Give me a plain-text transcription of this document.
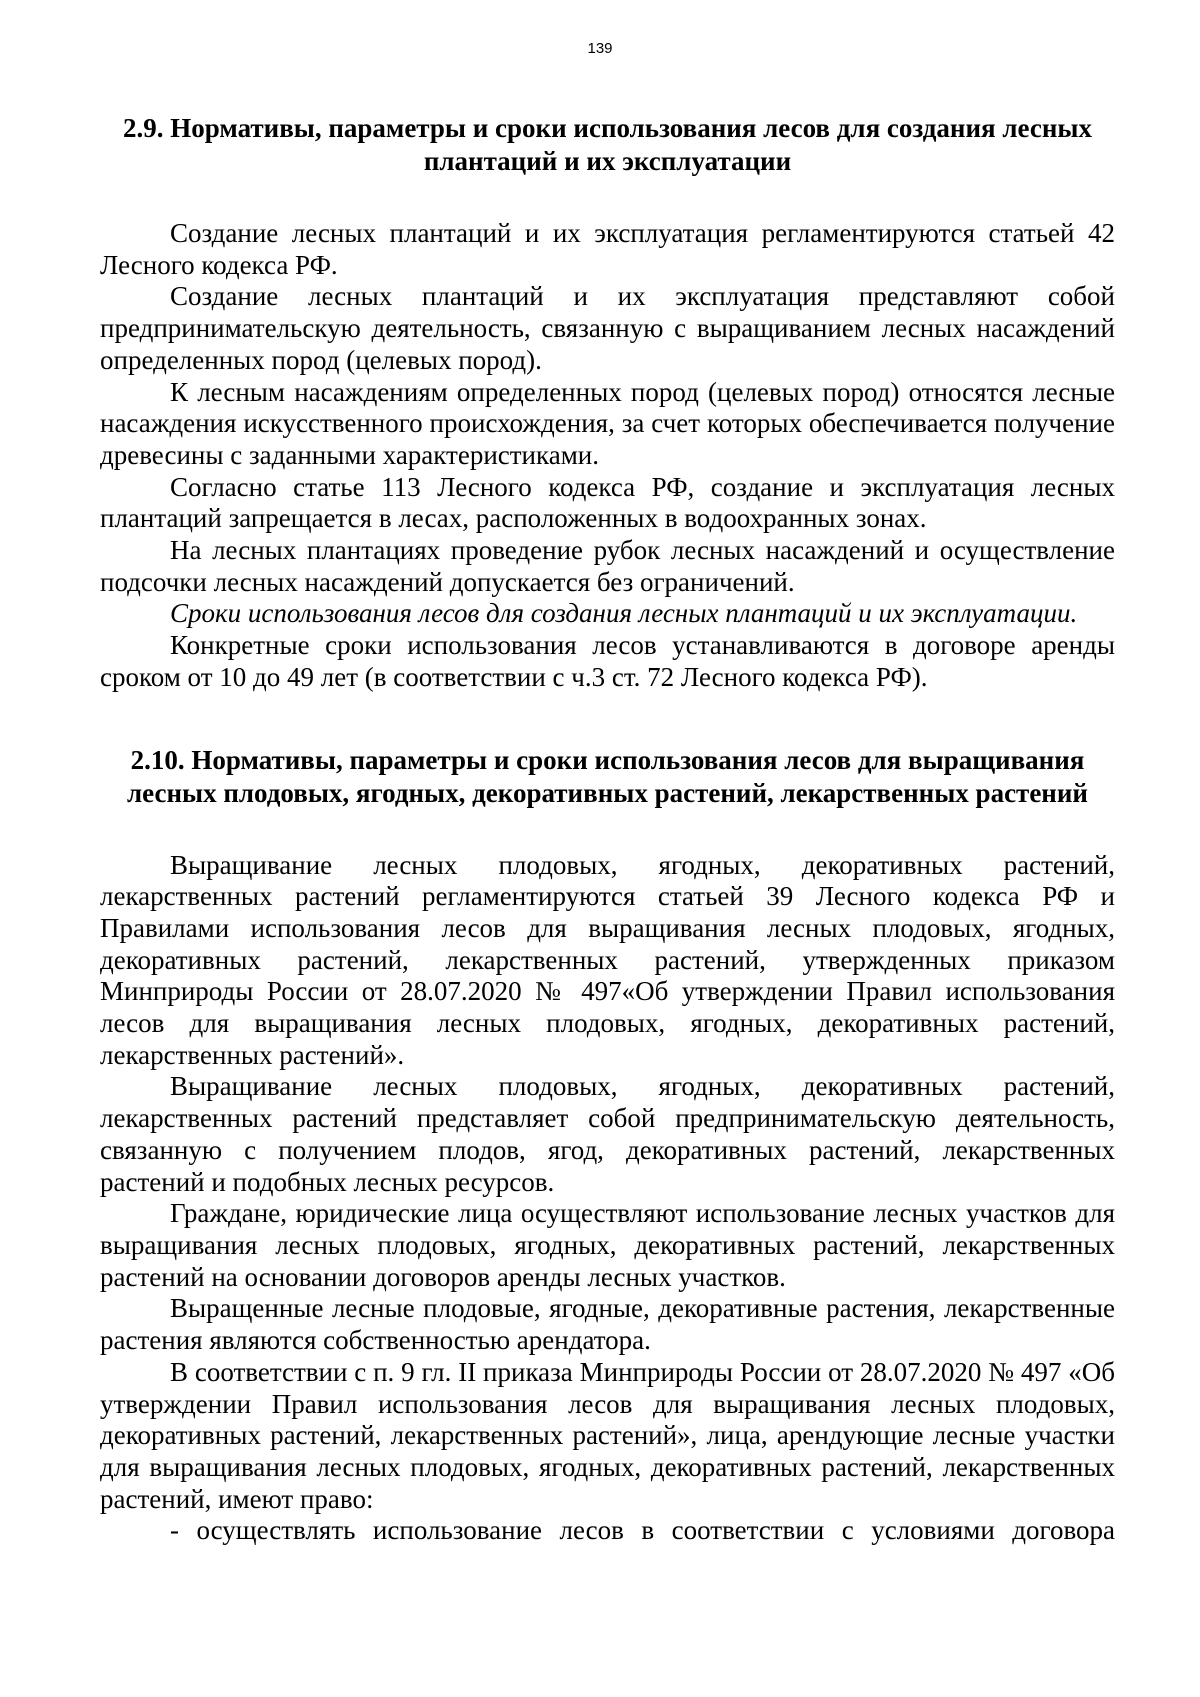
139
2.9. Нормативы, параметры и сроки использования лесов для создания лесных плантаций и их эксплуатации

Создание лесных плантаций и их эксплуатация регламентируются статьей 42 Лесного кодекса РФ.

Создание лесных плантаций и их эксплуатация представляют собой предпринимательскую деятельность, связанную с выращиванием лесных насаждений определенных пород (целевых пород).

К лесным насаждениям определенных пород (целевых пород) относятся лесные насаждения искусственного происхождения, за счет которых обеспечивается получение древесины с заданными характеристиками.

Согласно статье 113 Лесного кодекса РФ, создание и эксплуатация лесных плантаций запрещается в лесах, расположенных в водоохранных зонах.

На лесных плантациях проведение рубок лесных насаждений и осуществление подсочки лесных насаждений допускается без ограничений.

Сроки использования лесов для создания лесных плантаций и их эксплуатации.

Конкретные сроки использования лесов устанавливаются в договоре аренды сроком от 10 до 49 лет (в соответствии с ч.3 ст. 72 Лесного кодекса РФ).

2.10. Нормативы, параметры и сроки использования лесов для выращивания лесных плодовых, ягодных, декоративных растений, лекарственных растений

Выращивание лесных плодовых, ягодных, декоративных растений, лекарственных растений регламентируются статьей 39 Лесного кодекса РФ и Правилами использования лесов для выращивания лесных плодовых, ягодных, декоративных растений, лекарственных растений, утвержденных приказом Минприроды России от 28.07.2020 № 497«Об утверждении Правил использования лесов для выращивания лесных плодовых, ягодных, декоративных растений, лекарственных растений».

Выращивание лесных плодовых, ягодных, декоративных растений, лекарственных растений представляет собой предпринимательскую деятельность, связанную с получением плодов, ягод, декоративных растений, лекарственных растений и подобных лесных ресурсов.

Граждане, юридические лица осуществляют использование лесных участков для выращивания лесных плодовых, ягодных, декоративных растений, лекарственных растений на основании договоров аренды лесных участков.

Выращенные лесные плодовые, ягодные, декоративные растения, лекарственные растения являются собственностью арендатора.

В соответствии с п. 9 гл. II приказа Минприроды России от 28.07.2020 № 497 «Об утверждении Правил использования лесов для выращивания лесных плодовых, декоративных растений, лекарственных растений», лица, арендующие лесные участки для выращивания лесных плодовых, ягодных, декоративных растений, лекарственных растений, имеют право:

- осуществлять использование лесов в соответствии с условиями договора
